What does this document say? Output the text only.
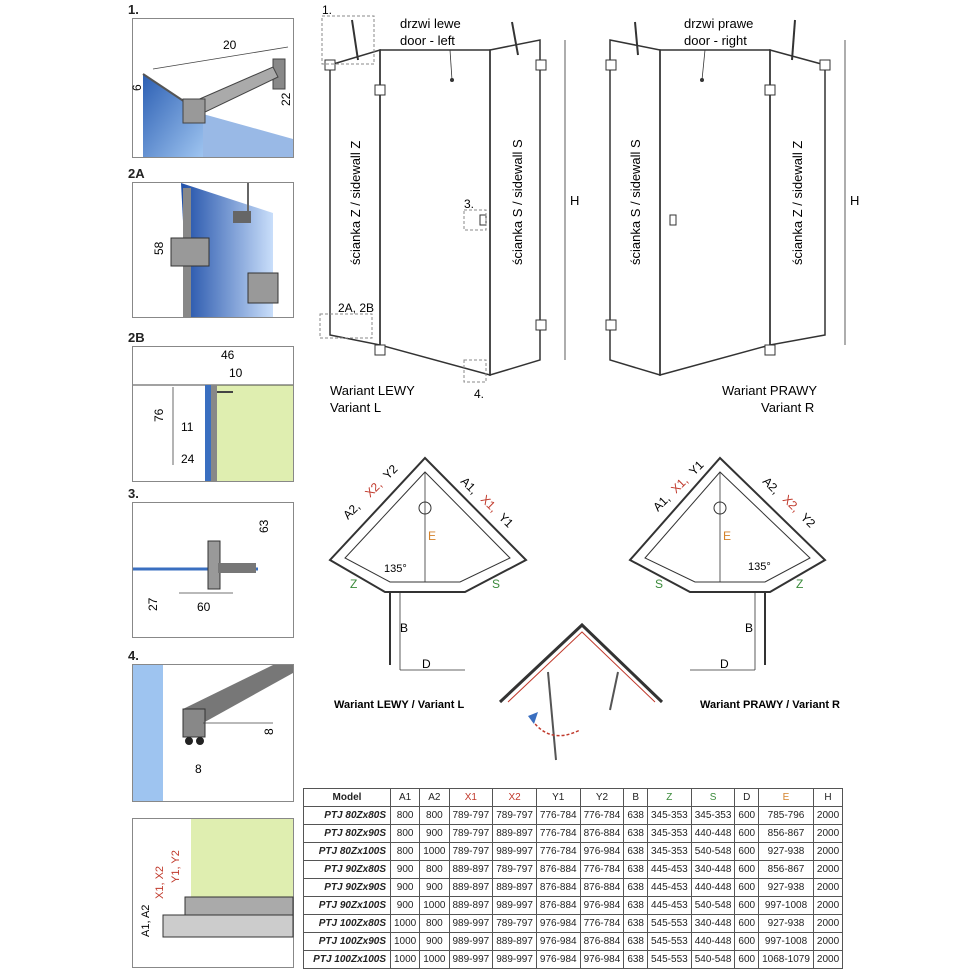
1.
20
6
22
2A
58
2B
46
10
76
11
24
3.
63
27	60
4.
8
8
A1, A2
X1, X2 Y1, Y2
drzwi lewe
door - left
ścianka Z / sidewall Z	ścianka S / sidewall S	H
1.
2A, 2B
3.
4.
Wariant LEWY
Variant L
drzwi prawe
door - right
ścianka S / sidewall S	ścianka Z / sidewall Z	H
Wariant PRAWY
Variant R
A2,
X2,
Y2
A1,
X1,
Y1
E
Z	S
135°
B
D
Wariant LEWY / Variant L
A1,
X1,
Y1
A2,
X2,
Y2
E
S	Z
135°
B
D
Wariant PRAWY / Variant R
Model	A1	A2	X1	X2	Y1	Y2	B	Z	S	D	E	H
PTJ 80Zx80S	800	800	789-797	789-797	776-784	776-784	638	345-353	345-353	600	785-796	2000
PTJ 80Zx90S	800	900	789-797	889-897	776-784	876-884	638	345-353	440-448	600	856-867	2000
PTJ 80Zx100S	800	1000	789-797	989-997	776-784	976-984	638	345-353	540-548	600	927-938	2000
PTJ 90Zx80S	900	800	889-897	789-797	876-884	776-784	638	445-453	340-448	600	856-867	2000
PTJ 90Zx90S	900	900	889-897	889-897	876-884	876-884	638	445-453	440-448	600	927-938	2000
PTJ 90Zx100S	900	1000	889-897	989-997	876-884	976-984	638	445-453	540-548	600	997-1008	2000
PTJ 100Zx80S	1000	800	989-997	789-797	976-984	776-784	638	545-553	340-448	600	927-938	2000
PTJ 100Zx90S	1000	900	989-997	889-897	976-984	876-884	638	545-553	440-448	600	997-1008	2000
PTJ 100Zx100S	1000	1000	989-997	989-997	976-984	976-984	638	545-553	540-548	600	1068-1079	2000
